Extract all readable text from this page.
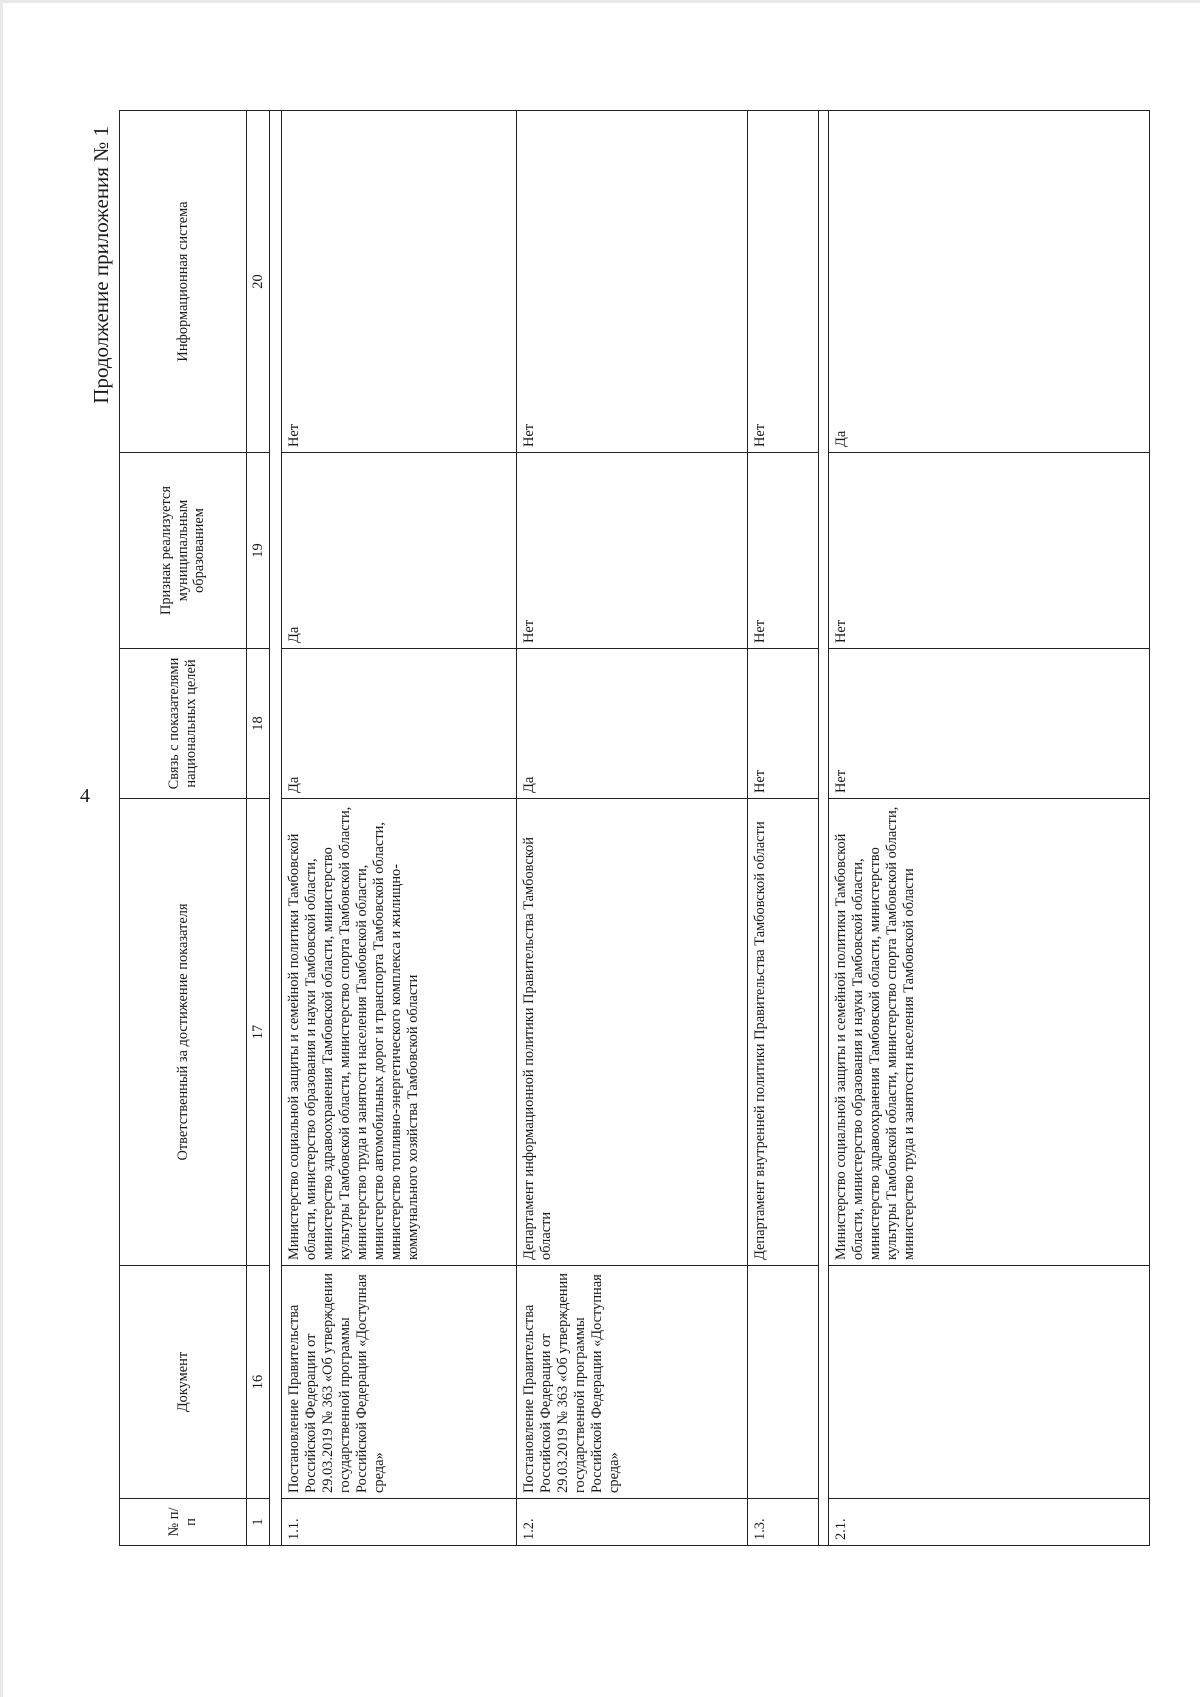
4
Продолжение приложения № 1
№ п/п	Документ	Ответственный за достижение показателя	Связь с показателями национальных целей	Признак реализуется муниципальным образованием	Информационная система
1	16	17	18	19	20

1.1.	Постановление Правительства Российской Федерации от 29.03.2019 № 363 «Об утверждении государственной программы Российской Федерации «Доступная среда»	Министерство социальной защиты и семейной политики Тамбовской области, министерство образования и науки Тамбовской области, министерство здравоохранения Тамбовской области, министерство культуры Тамбовской области, министерство спорта Тамбовской области, министерство труда и занятости населения Тамбовской области, министерство автомобильных дорог и транспорта Тамбовской области, министерство топливно-энергетического комплекса и жилищно-коммунального хозяйства Тамбовской области	Да	Да	Нет
1.2.	Постановление Правительства Российской Федерации от 29.03.2019 № 363 «Об утверждении государственной программы Российской Федерации «Доступная среда»	Департамент информационной политики Правительства Тамбовской области	Да	Нет	Нет
1.3.		Департамент внутренней политики Правительства Тамбовской области	Нет	Нет	Нет

2.1.		Министерство социальной защиты и семейной политики Тамбовской области, министерство образования и науки Тамбовской области, министерство здравоохранения Тамбовской области, министерство культуры Тамбовской области, министерство спорта Тамбовской области, министерство труда и занятости населения Тамбовской области	Нет	Нет	Да
